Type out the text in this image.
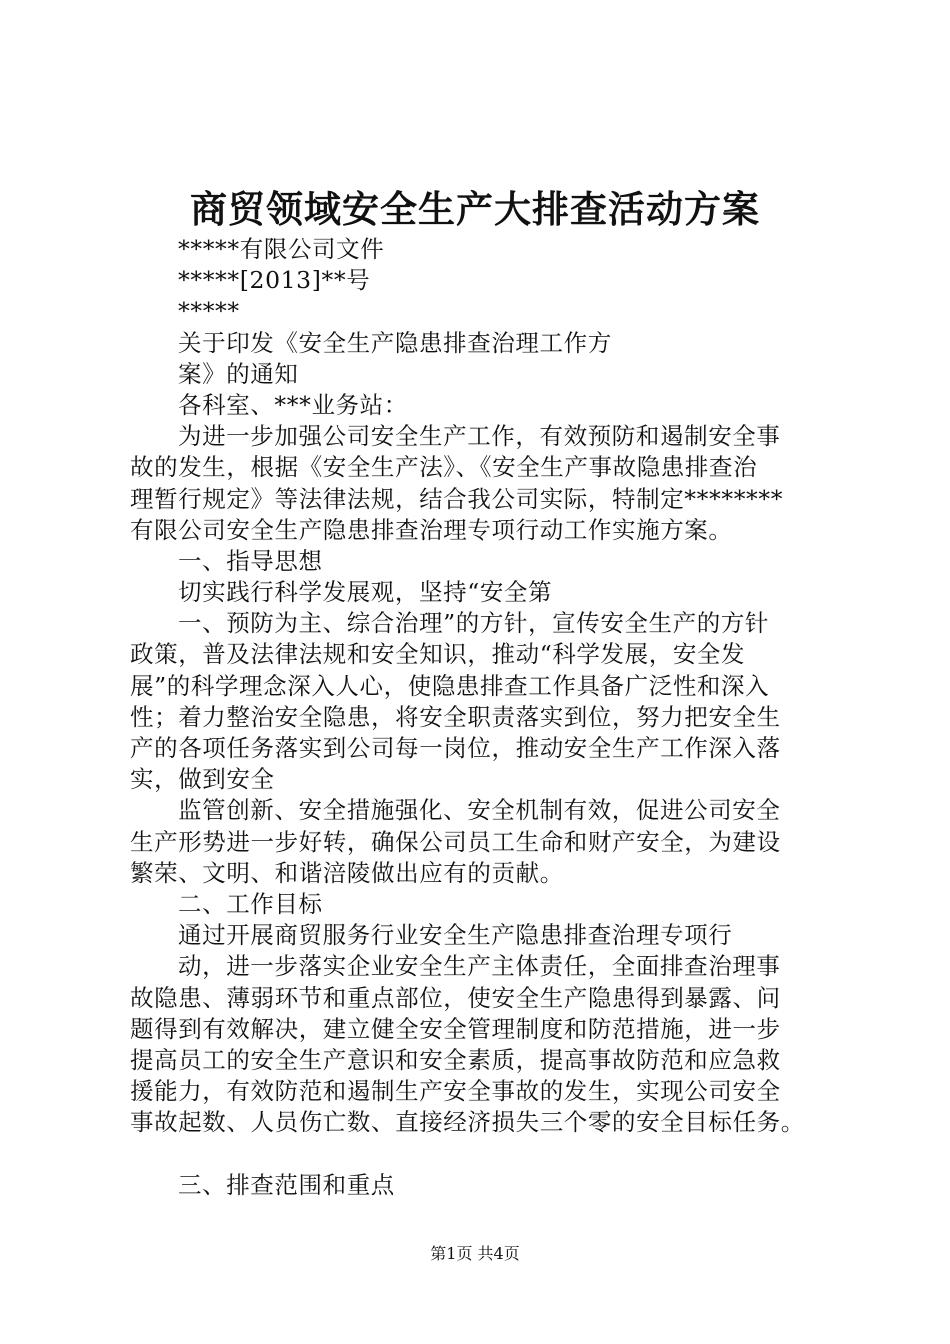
商贸领域安全生产大排查活动方案
*****有限公司文件
*****[2013]**号
*****
关于印发《安全生产隐患排查治理工作方
案》的通知
各科室、***业务站：
为进一步加强公司安全生产工作，有效预防和遏制安全事
故的发生，根据《安全生产法》、《安全生产事故隐患排查治
理暂行规定》等法律法规，结合我公司实际，特制定********
有限公司安全生产隐患排查治理专项行动工作实施方案。
一、指导思想
切实践行科学发展观，坚持“安全第
一、预防为主、综合治理”的方针，宣传安全生产的方针
政策，普及法律法规和安全知识，推动“科学发展，安全发
展”的科学理念深入人心，使隐患排查工作具备广泛性和深入
性；着力整治安全隐患，将安全职责落实到位，努力把安全生
产的各项任务落实到公司每一岗位，推动安全生产工作深入落
实，做到安全
监管创新、安全措施强化、安全机制有效，促进公司安全
生产形势进一步好转，确保公司员工生命和财产安全，为建设
繁荣、文明、和谐涪陵做出应有的贡献。
二、工作目标
通过开展商贸服务行业安全生产隐患排查治理专项行
动，进一步落实企业安全生产主体责任，全面排查治理事
故隐患、薄弱环节和重点部位，使安全生产隐患得到暴露、问
题得到有效解决，建立健全安全管理制度和防范措施，进一步
提高员工的安全生产意识和安全素质，提高事故防范和应急救
援能力，有效防范和遏制生产安全事故的发生，实现公司安全
事故起数、人员伤亡数、直接经济损失三个零的安全目标任务。
三、排查范围和重点
第1页 共4页
